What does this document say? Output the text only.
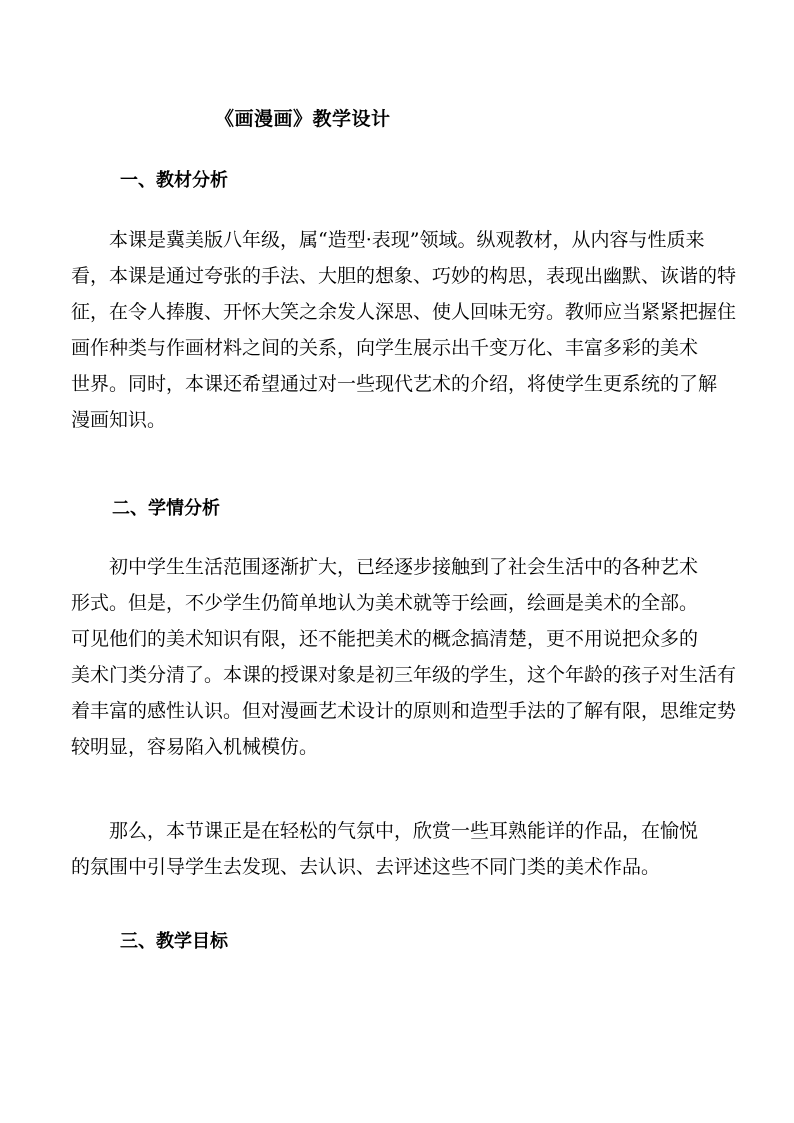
《画漫画》教学设计
一、教材分析
本课是冀美版八年级，属“造型·表现”领域。纵观教材，从内容与性质来
看，本课是通过夸张的手法、大胆的想象、巧妙的构思，表现出幽默、诙谐的特
征，在令人捧腹、开怀大笑之余发人深思、使人回味无穷。教师应当紧紧把握住
画作种类与作画材料之间的关系，向学生展示出千变万化、丰富多彩的美术
世界。同时，本课还希望通过对一些现代艺术的介绍，将使学生更系统的了解
漫画知识。
二、学情分析
初中学生生活范围逐渐扩大，已经逐步接触到了社会生活中的各种艺术
形式。但是，不少学生仍简单地认为美术就等于绘画，绘画是美术的全部。
可见他们的美术知识有限，还不能把美术的概念搞清楚，更不用说把众多的
美术门类分清了。本课的授课对象是初三年级的学生，这个年龄的孩子对生活有
着丰富的感性认识。但对漫画艺术设计的原则和造型手法的了解有限，思维定势
较明显，容易陷入机械模仿。
那么，本节课正是在轻松的气氛中，欣赏一些耳熟能详的作品，在愉悦
的氛围中引导学生去发现、去认识、去评述这些不同门类的美术作品。
三、教学目标
